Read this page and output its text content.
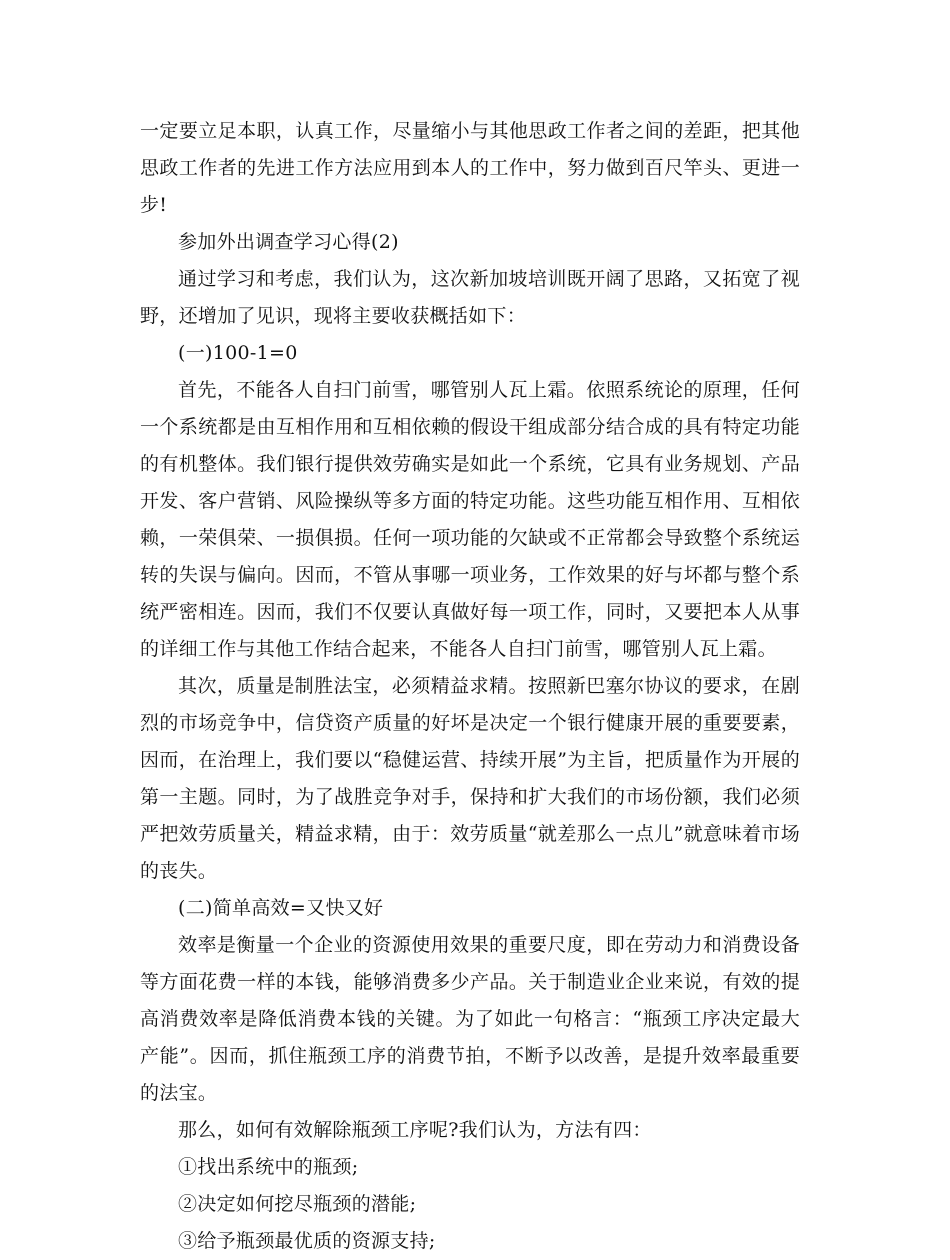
一定要立足本职，认真工作，尽量缩小与其他思政工作者之间的差距，把其他思政工作者的先进工作方法应用到本人的工作中，努力做到百尺竿头、更进一步!

参加外出调查学习心得(2)

通过学习和考虑，我们认为，这次新加坡培训既开阔了思路，又拓宽了视野，还增加了见识，现将主要收获概括如下：

(一)100-1=0

首先，不能各人自扫门前雪，哪管别人瓦上霜。依照系统论的原理，任何一个系统都是由互相作用和互相依赖的假设干组成部分结合成的具有特定功能的有机整体。我们银行提供效劳确实是如此一个系统，它具有业务规划、产品开发、客户营销、风险操纵等多方面的特定功能。这些功能互相作用、互相依赖，一荣俱荣、一损俱损。任何一项功能的欠缺或不正常都会导致整个系统运转的失误与偏向。因而，不管从事哪一项业务，工作效果的好与坏都与整个系统严密相连。因而，我们不仅要认真做好每一项工作，同时，又要把本人从事的详细工作与其他工作结合起来，不能各人自扫门前雪，哪管别人瓦上霜。

其次，质量是制胜法宝，必须精益求精。按照新巴塞尔协议的要求，在剧烈的市场竞争中，信贷资产质量的好坏是决定一个银行健康开展的重要要素，因而，在治理上，我们要以“稳健运营、持续开展”为主旨，把质量作为开展的第一主题。同时，为了战胜竞争对手，保持和扩大我们的市场份额，我们必须严把效劳质量关，精益求精，由于：效劳质量“就差那么一点儿”就意味着市场的丧失。

(二)简单高效=又快又好

效率是衡量一个企业的资源使用效果的重要尺度，即在劳动力和消费设备等方面花费一样的本钱，能够消费多少产品。关于制造业企业来说，有效的提高消费效率是降低消费本钱的关键。为了如此一句格言：“瓶颈工序决定最大产能”。因而，抓住瓶颈工序的消费节拍，不断予以改善，是提升效率最重要的法宝。

那么，如何有效解除瓶颈工序呢?我们认为，方法有四：

①找出系统中的瓶颈;

②决定如何挖尽瓶颈的潜能;

③给予瓶颈最优质的资源支持;
